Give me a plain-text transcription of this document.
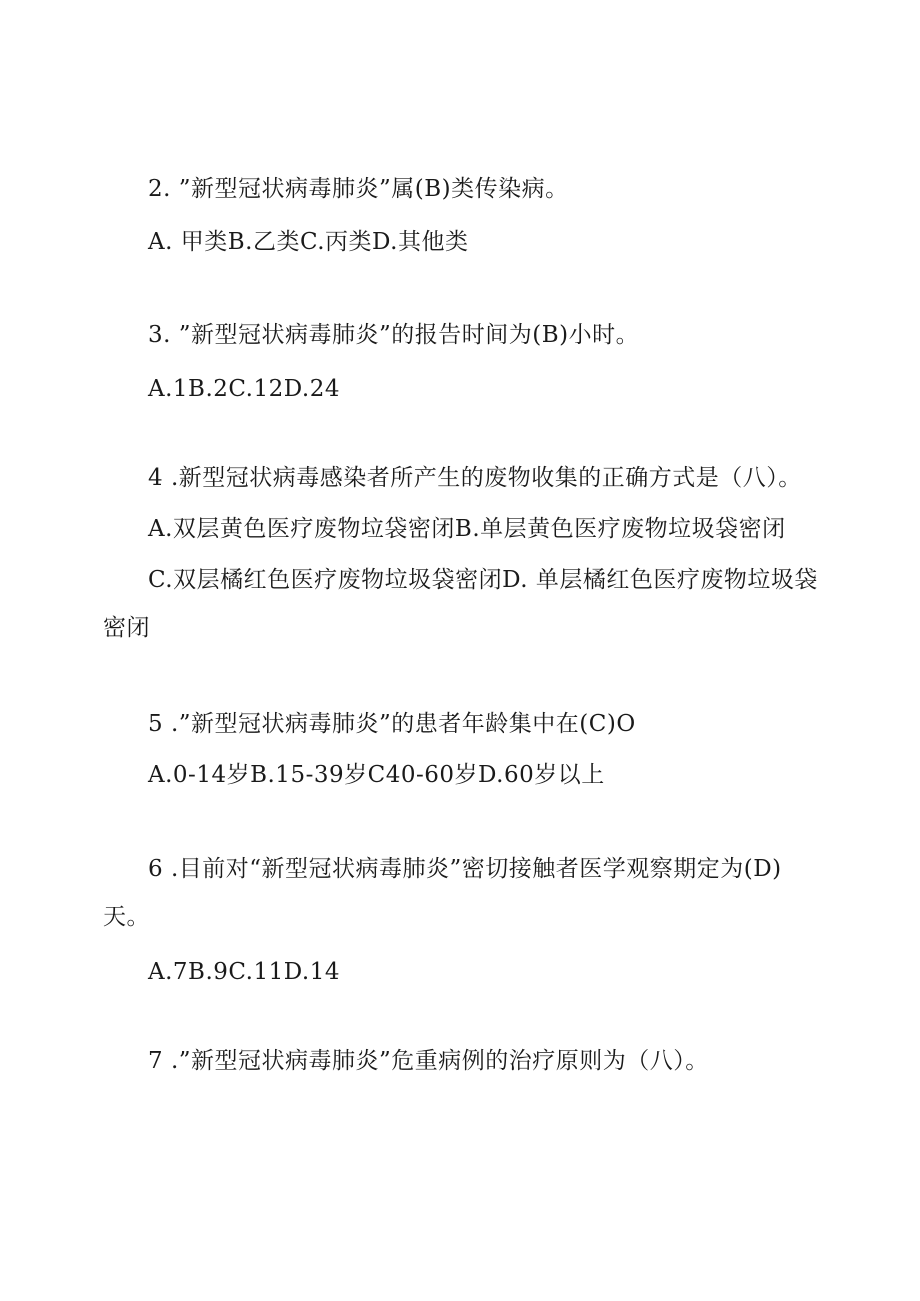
2. ”新型冠状病毒肺炎”属(B)类传染病。
A. 甲类B.乙类C.丙类D.其他类
3. ”新型冠状病毒肺炎”的报告时间为(B)小时。
A.1B.2C.12D.24
4 .新型冠状病毒感染者所产生的废物收集的正确方式是（八）。
A.双层黄色医疗废物垃袋密闭B.单层黄色医疗废物垃圾袋密闭
C.双层橘红色医疗废物垃圾袋密闭D. 单层橘红色医疗废物垃圾袋
密闭
5 .”新型冠状病毒肺炎”的患者年龄集中在(C)O
A.0-14岁B.15-39岁C40-60岁D.60岁以上
6 .目前对“新型冠状病毒肺炎”密切接触者医学观察期定为(D)
天。
A.7B.9C.11D.14
7 .”新型冠状病毒肺炎”危重病例的治疗原则为（八）。
